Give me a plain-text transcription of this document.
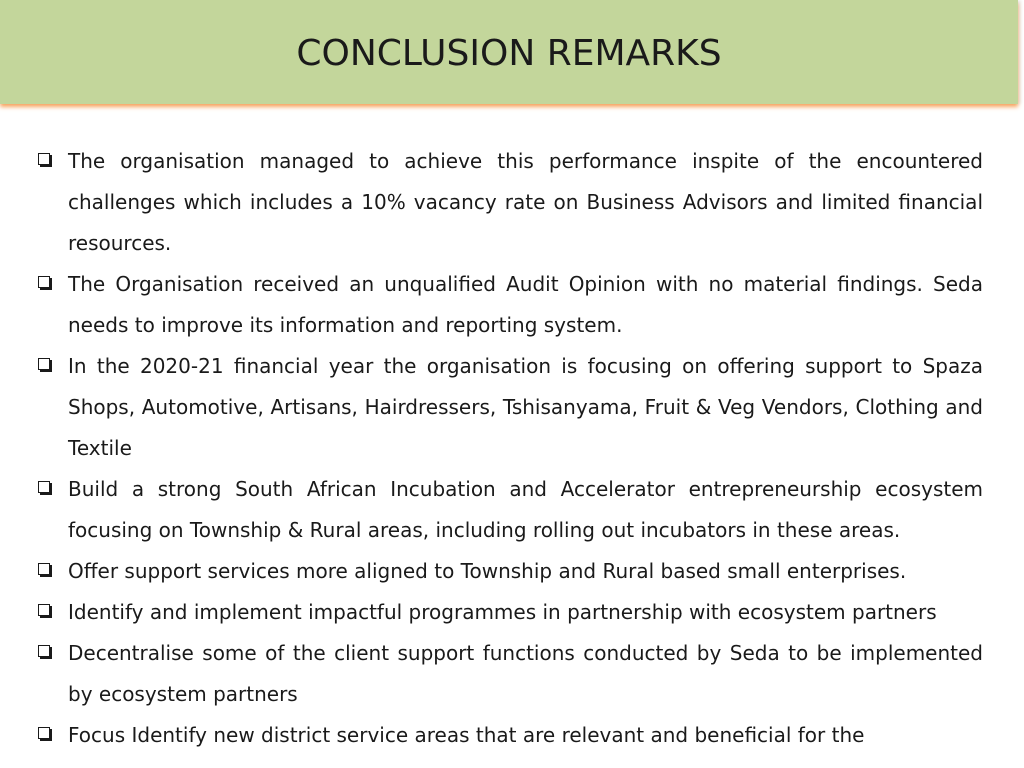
CONCLUSION REMARKS
The organisation managed to achieve this performance inspite of the encountered challenges which includes a 10% vacancy rate on Business Advisors and limited financial resources.
The Organisation received an unqualified Audit Opinion with no material findings. Seda needs to improve its information and reporting system.
In the 2020-21 financial year the organisation is focusing on offering support to Spaza Shops, Automotive, Artisans, Hairdressers, Tshisanyama, Fruit & Veg Vendors, Clothing and Textile
Build a strong South African Incubation and Accelerator entrepreneurship ecosystem focusing on Township & Rural areas, including rolling out incubators in these areas.
Offer support services more aligned to Township and Rural based small enterprises.
Identify and implement impactful programmes in partnership with ecosystem partners
Decentralise some of the client support functions conducted by Seda to be implemented by ecosystem partners
Focus Identify new district service areas that are relevant and beneficial for the
